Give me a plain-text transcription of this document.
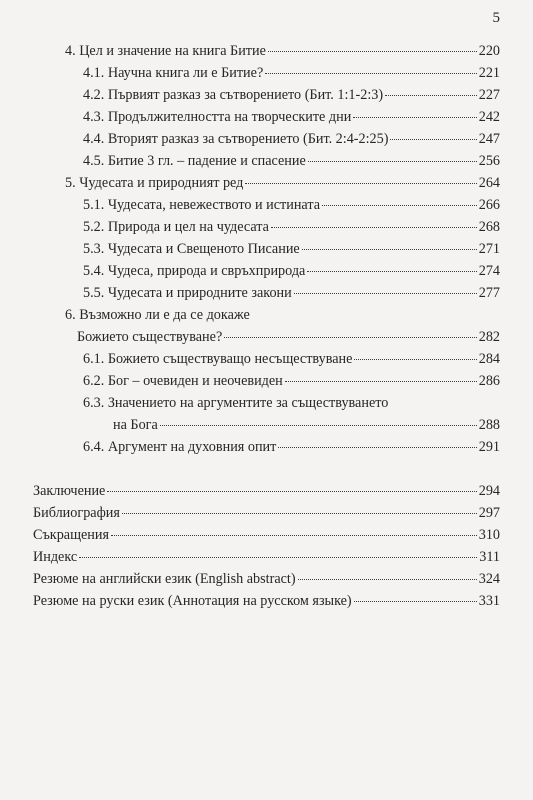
5
4. Цел и значение на книга Битие	220
4.1. Научна книга ли е Битие?	221
4.2. Първият разказ за сътворението (Бит. 1:1-2:3)	227
4.3. Продължителността на творческите дни	242
4.4. Вторият разказ за сътворението (Бит. 2:4-2:25)	247
4.5. Битие 3 гл. – падение и спасение	256
5. Чудесата и природният ред	264
5.1. Чудесата, невежеството и истината	266
5.2. Природа и цел на чудесата	268
5.3. Чудесата и Свещеното Писание	271
5.4. Чудеса, природа и свръхприрода	274
5.5. Чудесата и природните закони	277
6. Възможно ли е да се докаже
Божието съществуване?	282
6.1. Божието съществуващо несъществуване	284
6.2. Бог – очевиден и неочевиден	286
6.3. Значението на аргументите за съществуването
на Бога	288
6.4. Аргумент на духовния опит	291
Заключение	294
Библиография	297
Съкращения	310
Индекс	311
Резюме на английски език (English abstract)	324
Резюме на руски език (Аннотация на русском языке)	331
